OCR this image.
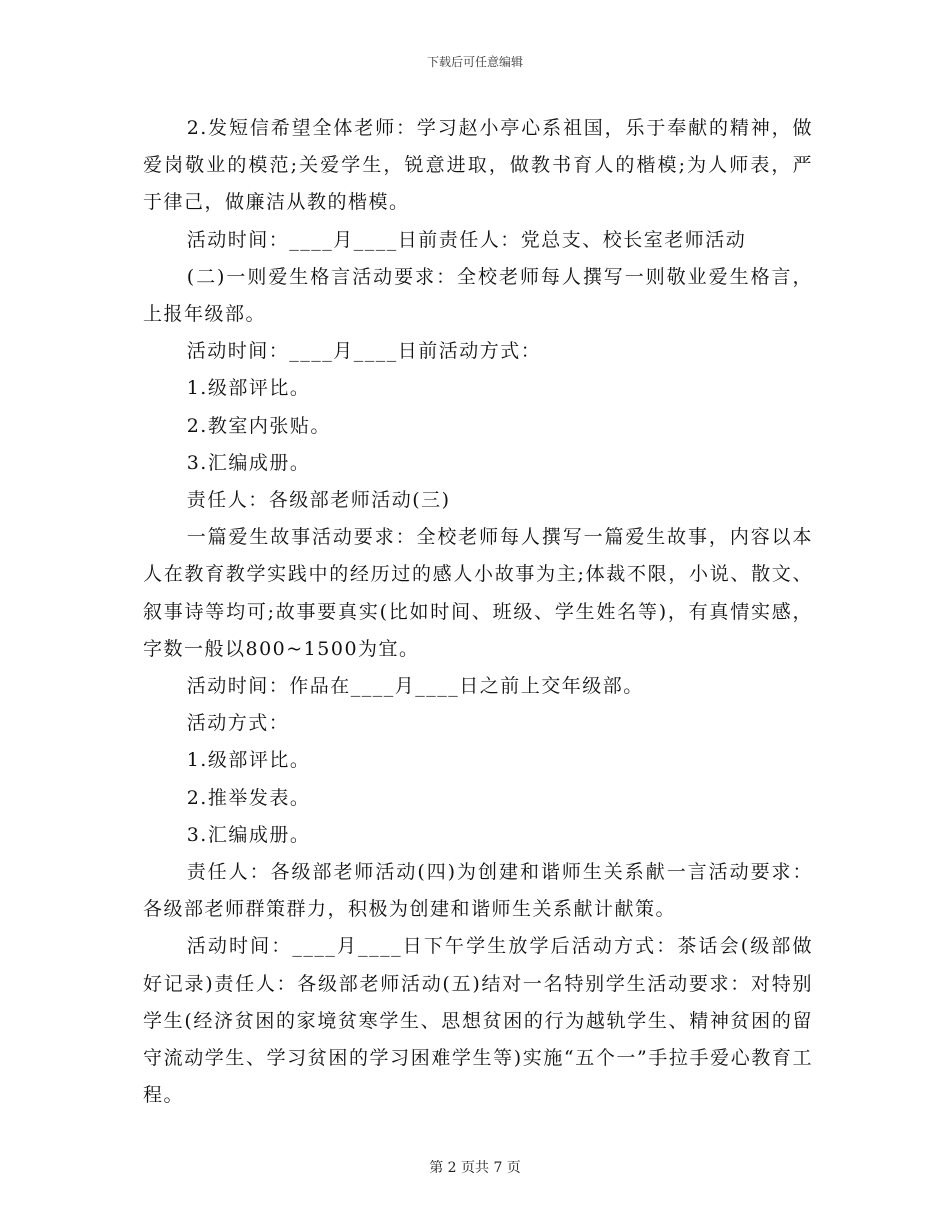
下载后可任意编辑

2.发短信希望全体老师：学习赵小亭心系祖国，乐于奉献的精神，做爱岗敬业的模范;关爱学生，锐意进取，做教书育人的楷模;为人师表，严于律己，做廉洁从教的楷模。

活动时间：____月____日前责任人：党总支、校长室老师活动

(二)一则爱生格言活动要求：全校老师每人撰写一则敬业爱生格言，上报年级部。

活动时间：____月____日前活动方式：

1.级部评比。

2.教室内张贴。

3.汇编成册。

责任人：各级部老师活动(三)

一篇爱生故事活动要求：全校老师每人撰写一篇爱生故事，内容以本人在教育教学实践中的经历过的感人小故事为主;体裁不限，小说、散文、叙事诗等均可;故事要真实(比如时间、班级、学生姓名等)，有真情实感，字数一般以800~1500为宜。

活动时间：作品在____月____日之前上交年级部。

活动方式：

1.级部评比。

2.推举发表。

3.汇编成册。

责任人：各级部老师活动(四)为创建和谐师生关系献一言活动要求：各级部老师群策群力，积极为创建和谐师生关系献计献策。

活动时间：____月____日下午学生放学后活动方式：茶话会(级部做好记录)责任人：各级部老师活动(五)结对一名特别学生活动要求：对特别学生(经济贫困的家境贫寒学生、思想贫困的行为越轨学生、精神贫困的留守流动学生、学习贫困的学习困难学生等)实施“五个一”手拉手爱心教育工程。

第 2 页共 7 页
